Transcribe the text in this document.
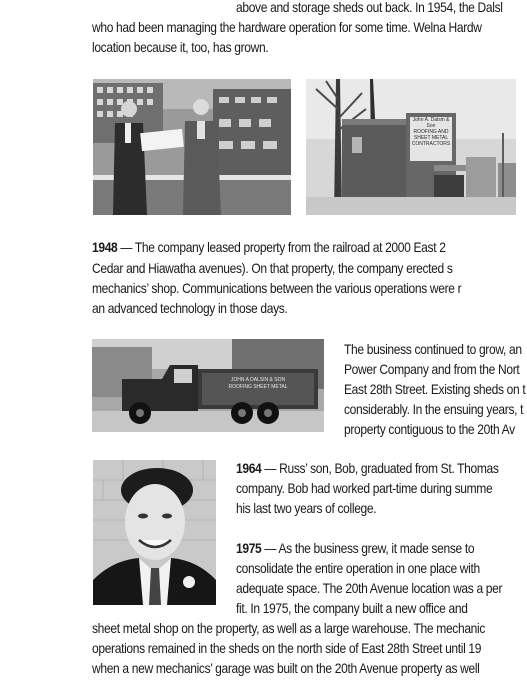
above and storage sheds out back. In 1954, the Dalsl

who had been managing the hardware operation for some time. Welna Hardw

location because it, too, has grown.

John A. Dalsin & Son
ROOFING AND SHEET METAL CONTRACTORS

1948 — The company leased property from the railroad at 2000 East 2

Cedar and Hiawatha avenues). On that property, the company erected s

mechanics’ shop. Communications between the various operations were r

an advanced technology in those days.

JOHN A DALSIN & SON
ROOFING SHEET METAL

The business continued to grow, an

Power Company and from the Nort

East 28th Street. Existing sheds on t

considerably. In the ensuing years, t

property contiguous to the 20th Av

1964 — Russ’ son, Bob, graduated from St. Thomas

company. Bob had worked part-time during summe

his last two years of college.

1975 — As the business grew, it made sense to

consolidate the entire operation in one place with

adequate space. The 20th Avenue location was a per

fit. In 1975, the company built a new office and

sheet metal shop on the property, as well as a large warehouse. The mechanic

operations remained in the sheds on the north side of East 28th Street until 19

when a new mechanics’ garage was built on the 20th Avenue property as well
